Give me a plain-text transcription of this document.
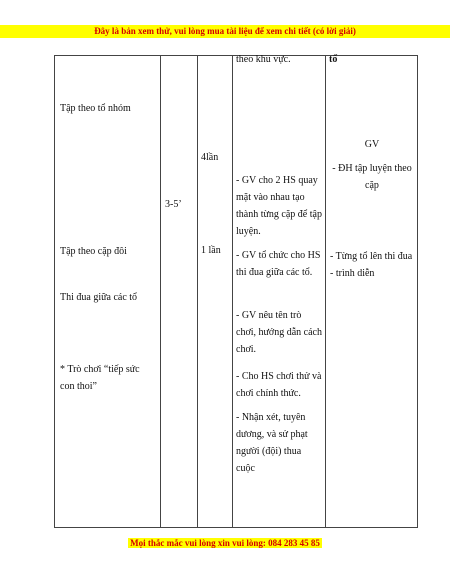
Đây là bản xem thử, vui lòng mua tài liệu để xem chi tiết (có lời giải)
Tập theo tổ nhóm
Tập theo cặp đôi
Thi đua giữa các tổ
* Trò chơi “tiếp sức con thoi”
3-5’
4lần
1 lần
theo khu vực.
- GV cho 2 HS quay mặt vào nhau tạo thành từng cặp để tập luyện.
- GV tổ chức cho HS thi đua giữa các tổ.
- GV nêu tên trò chơi, hướng dẫn cách chơi.
- Cho HS chơi thử và chơi chính thức.
- Nhận xét, tuyên dương, và sử phạt người (đội) thua cuộc
tổ
GV
- ĐH tập luyện theo cặp
- Từng tổ lên thi đua - trình diễn
Mọi thắc mắc vui lòng xin vui lòng: 084 283 45 85
